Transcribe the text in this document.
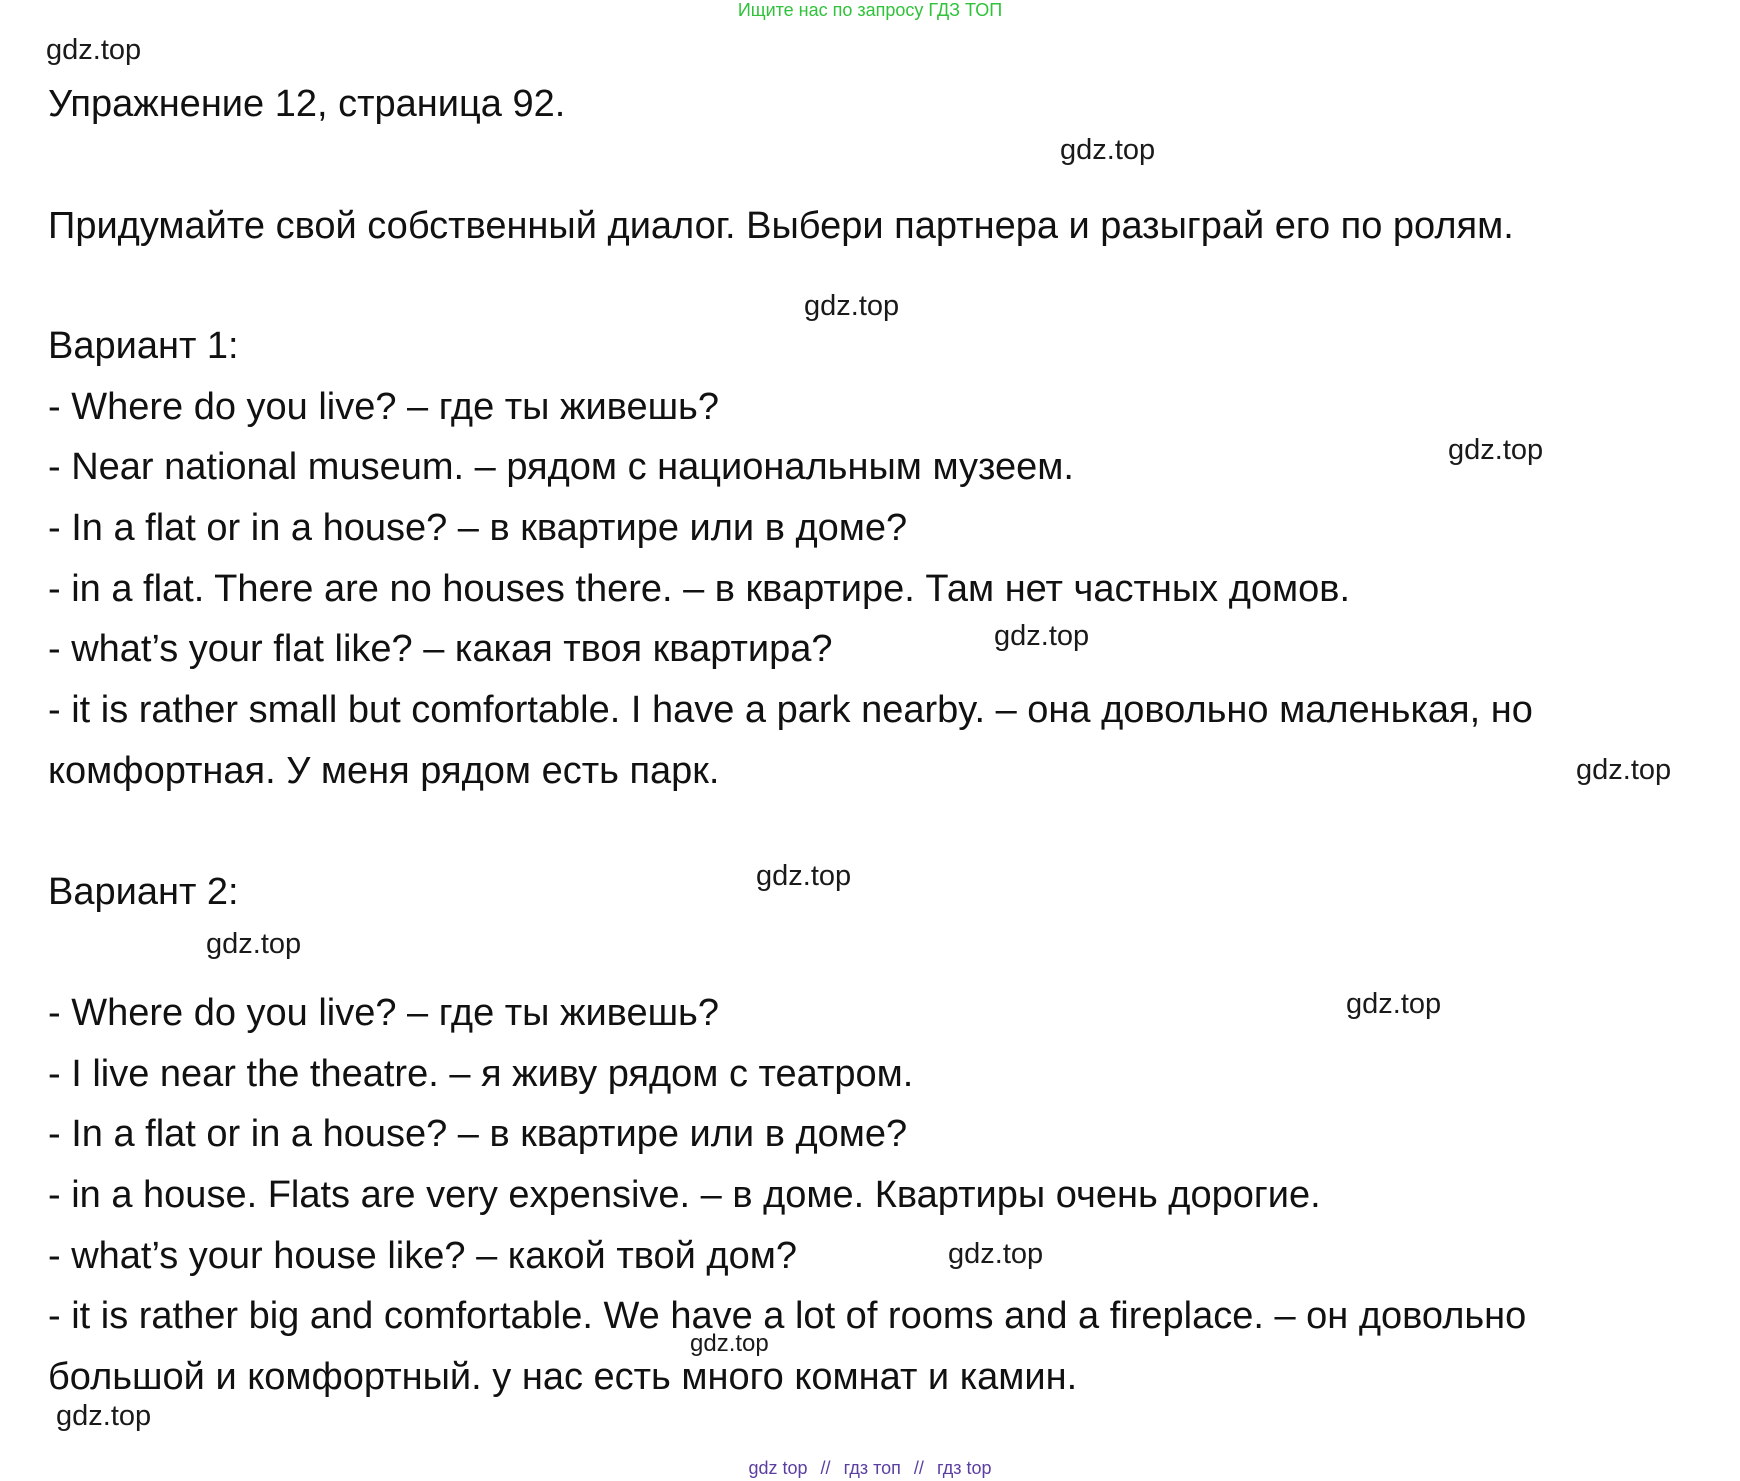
Ищите нас по запросу ГДЗ ТОП
gdz.top
gdz.top
gdz.top
gdz.top
gdz.top
gdz.top
gdz.top
gdz.top
gdz.top
gdz.top
gdz.top
gdz.top
Упражнение 12, страница 92.
Придумайте свой собственный диалог. Выбери партнера и разыграй его по ролям.
Вариант 1:
- Where do you live? – где ты живешь?
- Near national museum. – рядом с национальным музеем.
- In a flat or in a house? – в квартире или в доме?
- in a flat. There are no houses there. – в квартире. Там нет частных домов.
- what’s your flat like? – какая твоя квартира?
- it is rather small but comfortable. I have a park nearby. – она довольно маленькая, но
комфортная. У меня рядом есть парк.
Вариант 2:
- Where do you live? – где ты живешь?
- I live near the theatre. – я живу рядом с театром.
- In a flat or in a house? – в квартире или в доме?
- in a house. Flats are very expensive. – в доме. Квартиры очень дорогие.
- what’s your house like? – какой твой дом?
- it is rather big and comfortable. We have a lot of rooms and a fireplace. – он довольно
большой и комфортный. у нас есть много комнат и камин.
gdz top // гдз топ // гдз top
